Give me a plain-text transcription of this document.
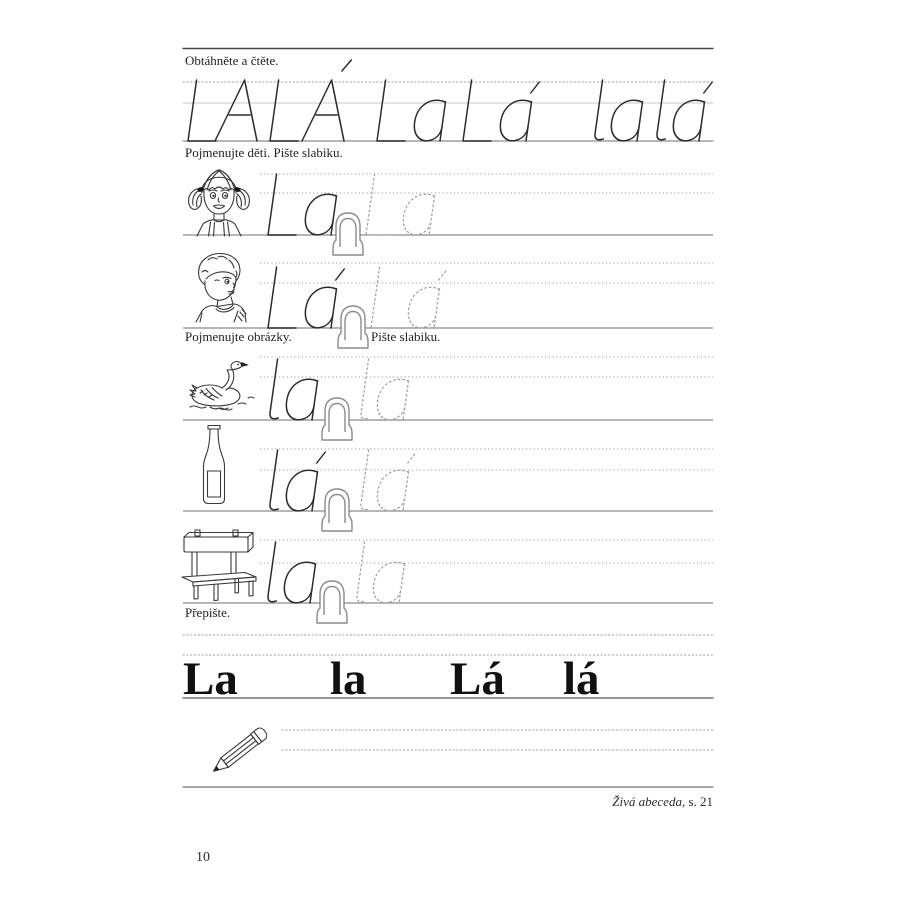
Obtáhněte a čtěte.
Pojmenujte děti. Pište slabiku.
Pojmenujte obrázky.	Pište slabiku.
Přepište.
La la Lá lá
Živá abeceda, s. 21
10
